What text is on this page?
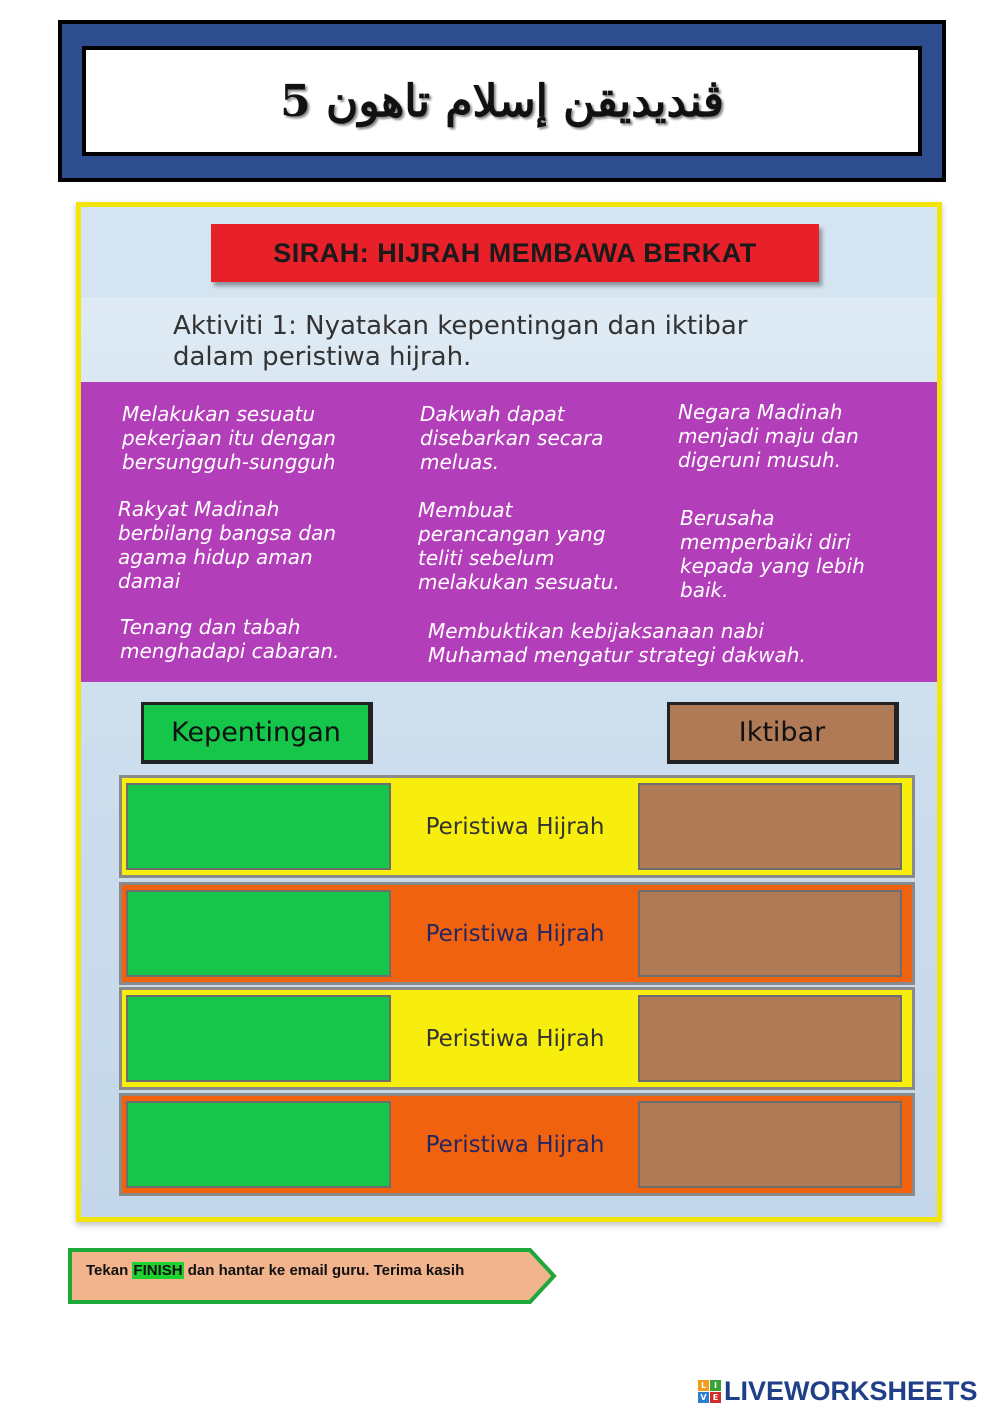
ڤنديديقن إسلام تاهون 5
SIRAH: HIJRAH MEMBAWA BERKAT
Aktiviti 1: Nyatakan kepentingan dan iktibar
dalam peristiwa hijrah.
Melakukan sesuatu
pekerjaan itu dengan
bersungguh-sungguh
Dakwah dapat
disebarkan secara
meluas.
Negara Madinah
menjadi maju dan
digeruni musuh.
Rakyat Madinah
berbilang bangsa dan
agama hidup aman
damai
Membuat
perancangan yang
teliti sebelum
melakukan sesuatu.
Berusaha
memperbaiki diri
kepada yang lebih
baik.
Tenang dan tabah
menghadapi cabaran.
Membuktikan kebijaksanaan nabi
Muhamad mengatur strategi dakwah.
Kepentingan	Iktibar
Peristiwa Hijrah
Peristiwa Hijrah
Peristiwa Hijrah
Peristiwa Hijrah
Tekan FINISH dan hantar ke email guru. Terima kasih
L I
V E LIVEWORKSHEETS
